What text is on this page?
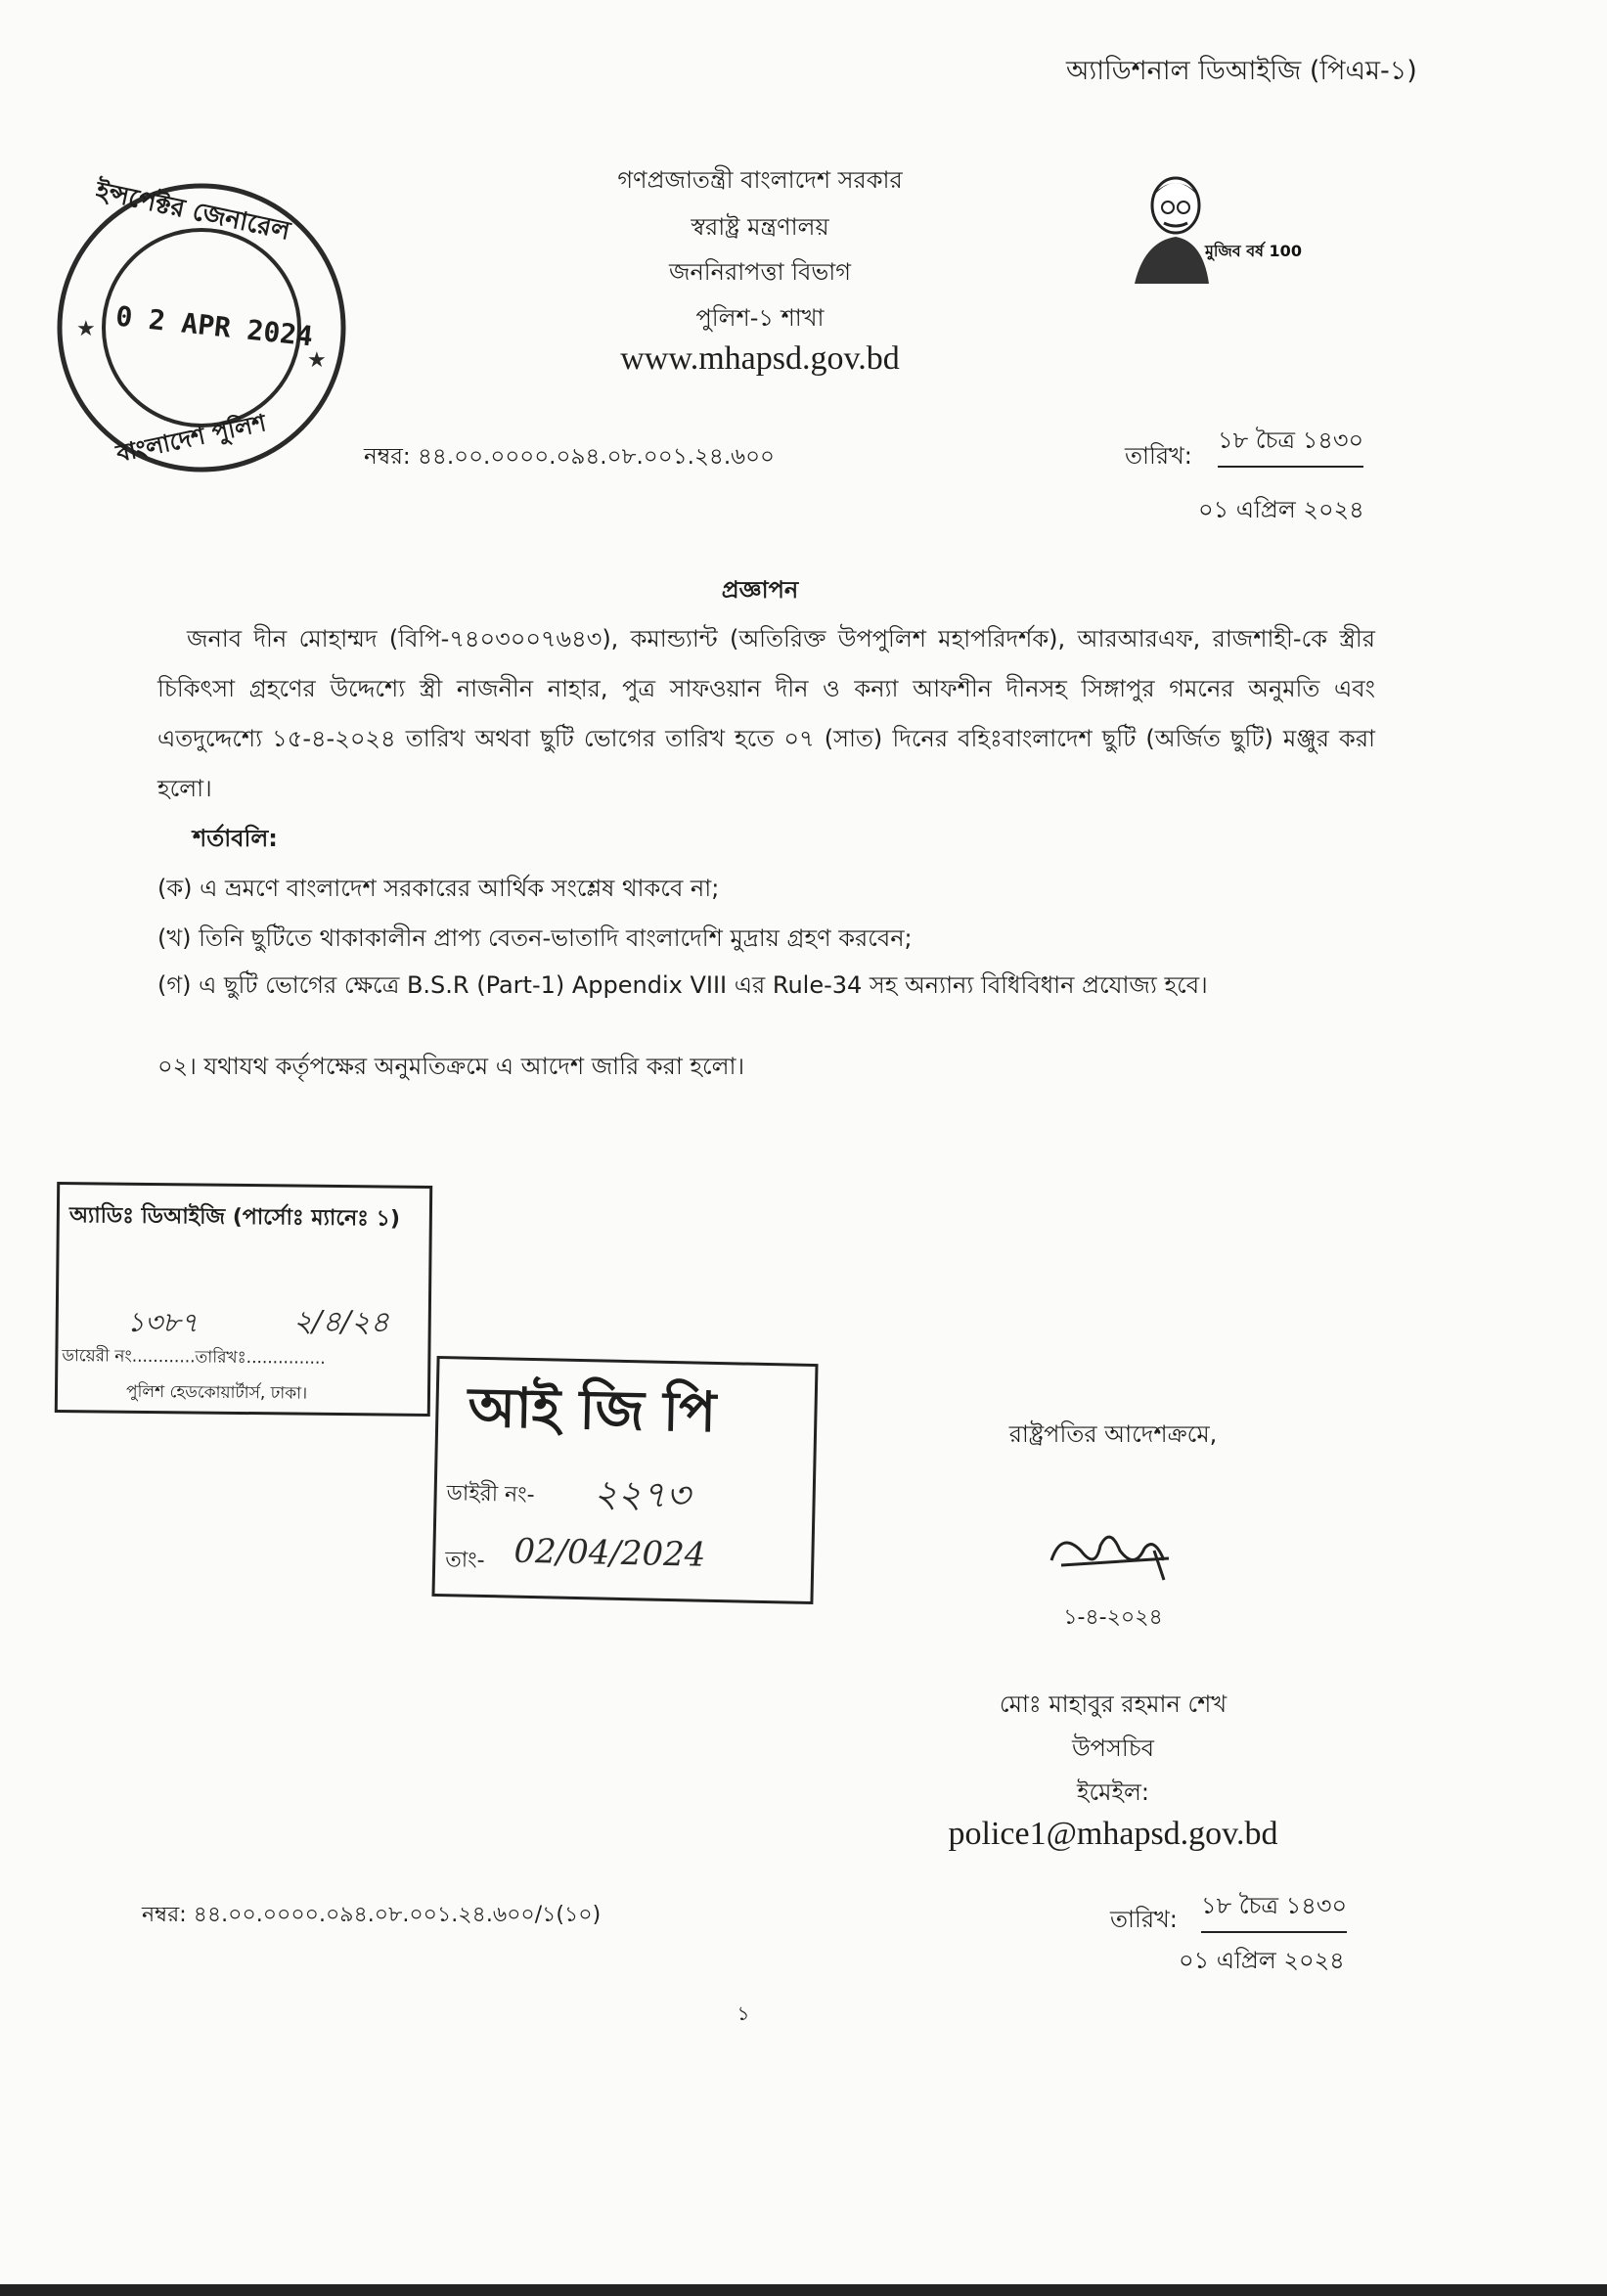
অ্যাডিশনাল ডিআইজি (পিএম-১)
গণপ্রজাতন্ত্রী বাংলাদেশ সরকার
স্বরাষ্ট্র মন্ত্রণালয়
জননিরাপত্তা বিভাগ
পুলিশ-১ শাখা
www.mhapsd.gov.bd
মুজিব বর্ষ 100
★
★
ইন্সপেক্টর জেনারেল
বাংলাদেশ পুলিশ
0 2 APR 2024
নম্বর: ৪৪.০০.০০০০.০৯৪.০৮.০০১.২৪.৬০০	তারিখ:
১৮ চৈত্র ১৪৩০
০১ এপ্রিল ২০২৪
প্রজ্ঞাপন
জনাব দীন মোহাম্মদ (বিপি-৭৪০৩০০৭৬৪৩), কমান্ড্যান্ট (অতিরিক্ত উপপুলিশ মহাপরিদর্শক), আরআরএফ, রাজশাহী-কে স্ত্রীর চিকিৎসা গ্রহণের উদ্দেশ্যে স্ত্রী নাজনীন নাহার, পুত্র সাফওয়ান দীন ও কন্যা আফশীন দীনসহ সিঙ্গাপুর গমনের অনুমতি এবং এতদুদ্দেশ্যে ১৫-৪-২০২৪ তারিখ অথবা ছুটি ভোগের তারিখ হতে ০৭ (সাত) দিনের বহিঃবাংলাদেশ ছুটি (অর্জিত ছুটি) মঞ্জুর করা হলো।
শর্তাবলি:
(ক) এ ভ্রমণে বাংলাদেশ সরকারের আর্থিক সংশ্লেষ থাকবে না;
(খ) তিনি ছুটিতে থাকাকালীন প্রাপ্য বেতন-ভাতাদি বাংলাদেশি মুদ্রায় গ্রহণ করবেন;
(গ) এ ছুটি ভোগের ক্ষেত্রে B.S.R (Part-1) Appendix VIII এর Rule-34 সহ অন্যান্য বিধিবিধান প্রযোজ্য হবে।
০২। যথাযথ কর্তৃপক্ষের অনুমতিক্রমে এ আদেশ জারি করা হলো।
অ্যাডিঃ ডিআইজি (পার্সোঃ ম্যানেঃ ১)
১৩৮৭	২/৪/২৪
ডায়েরী নং............তারিখঃ...............
পুলিশ হেডকোয়ার্টার্স, ঢাকা।	আই জি পি
ডাইরী নং- ২২৭৩
তাং- 02/04/2024
রাষ্ট্রপতির আদেশক্রমে,
১-৪-২০২৪
মোঃ মাহাবুর রহমান শেখ
উপসচিব
ইমেইল:
police1@mhapsd.gov.bd
নম্বর: ৪৪.০০.০০০০.০৯৪.০৮.০০১.২৪.৬০০/১(১০)	তারিখ: ১৮ চৈত্র ১৪৩০
০১ এপ্রিল ২০২৪
১
